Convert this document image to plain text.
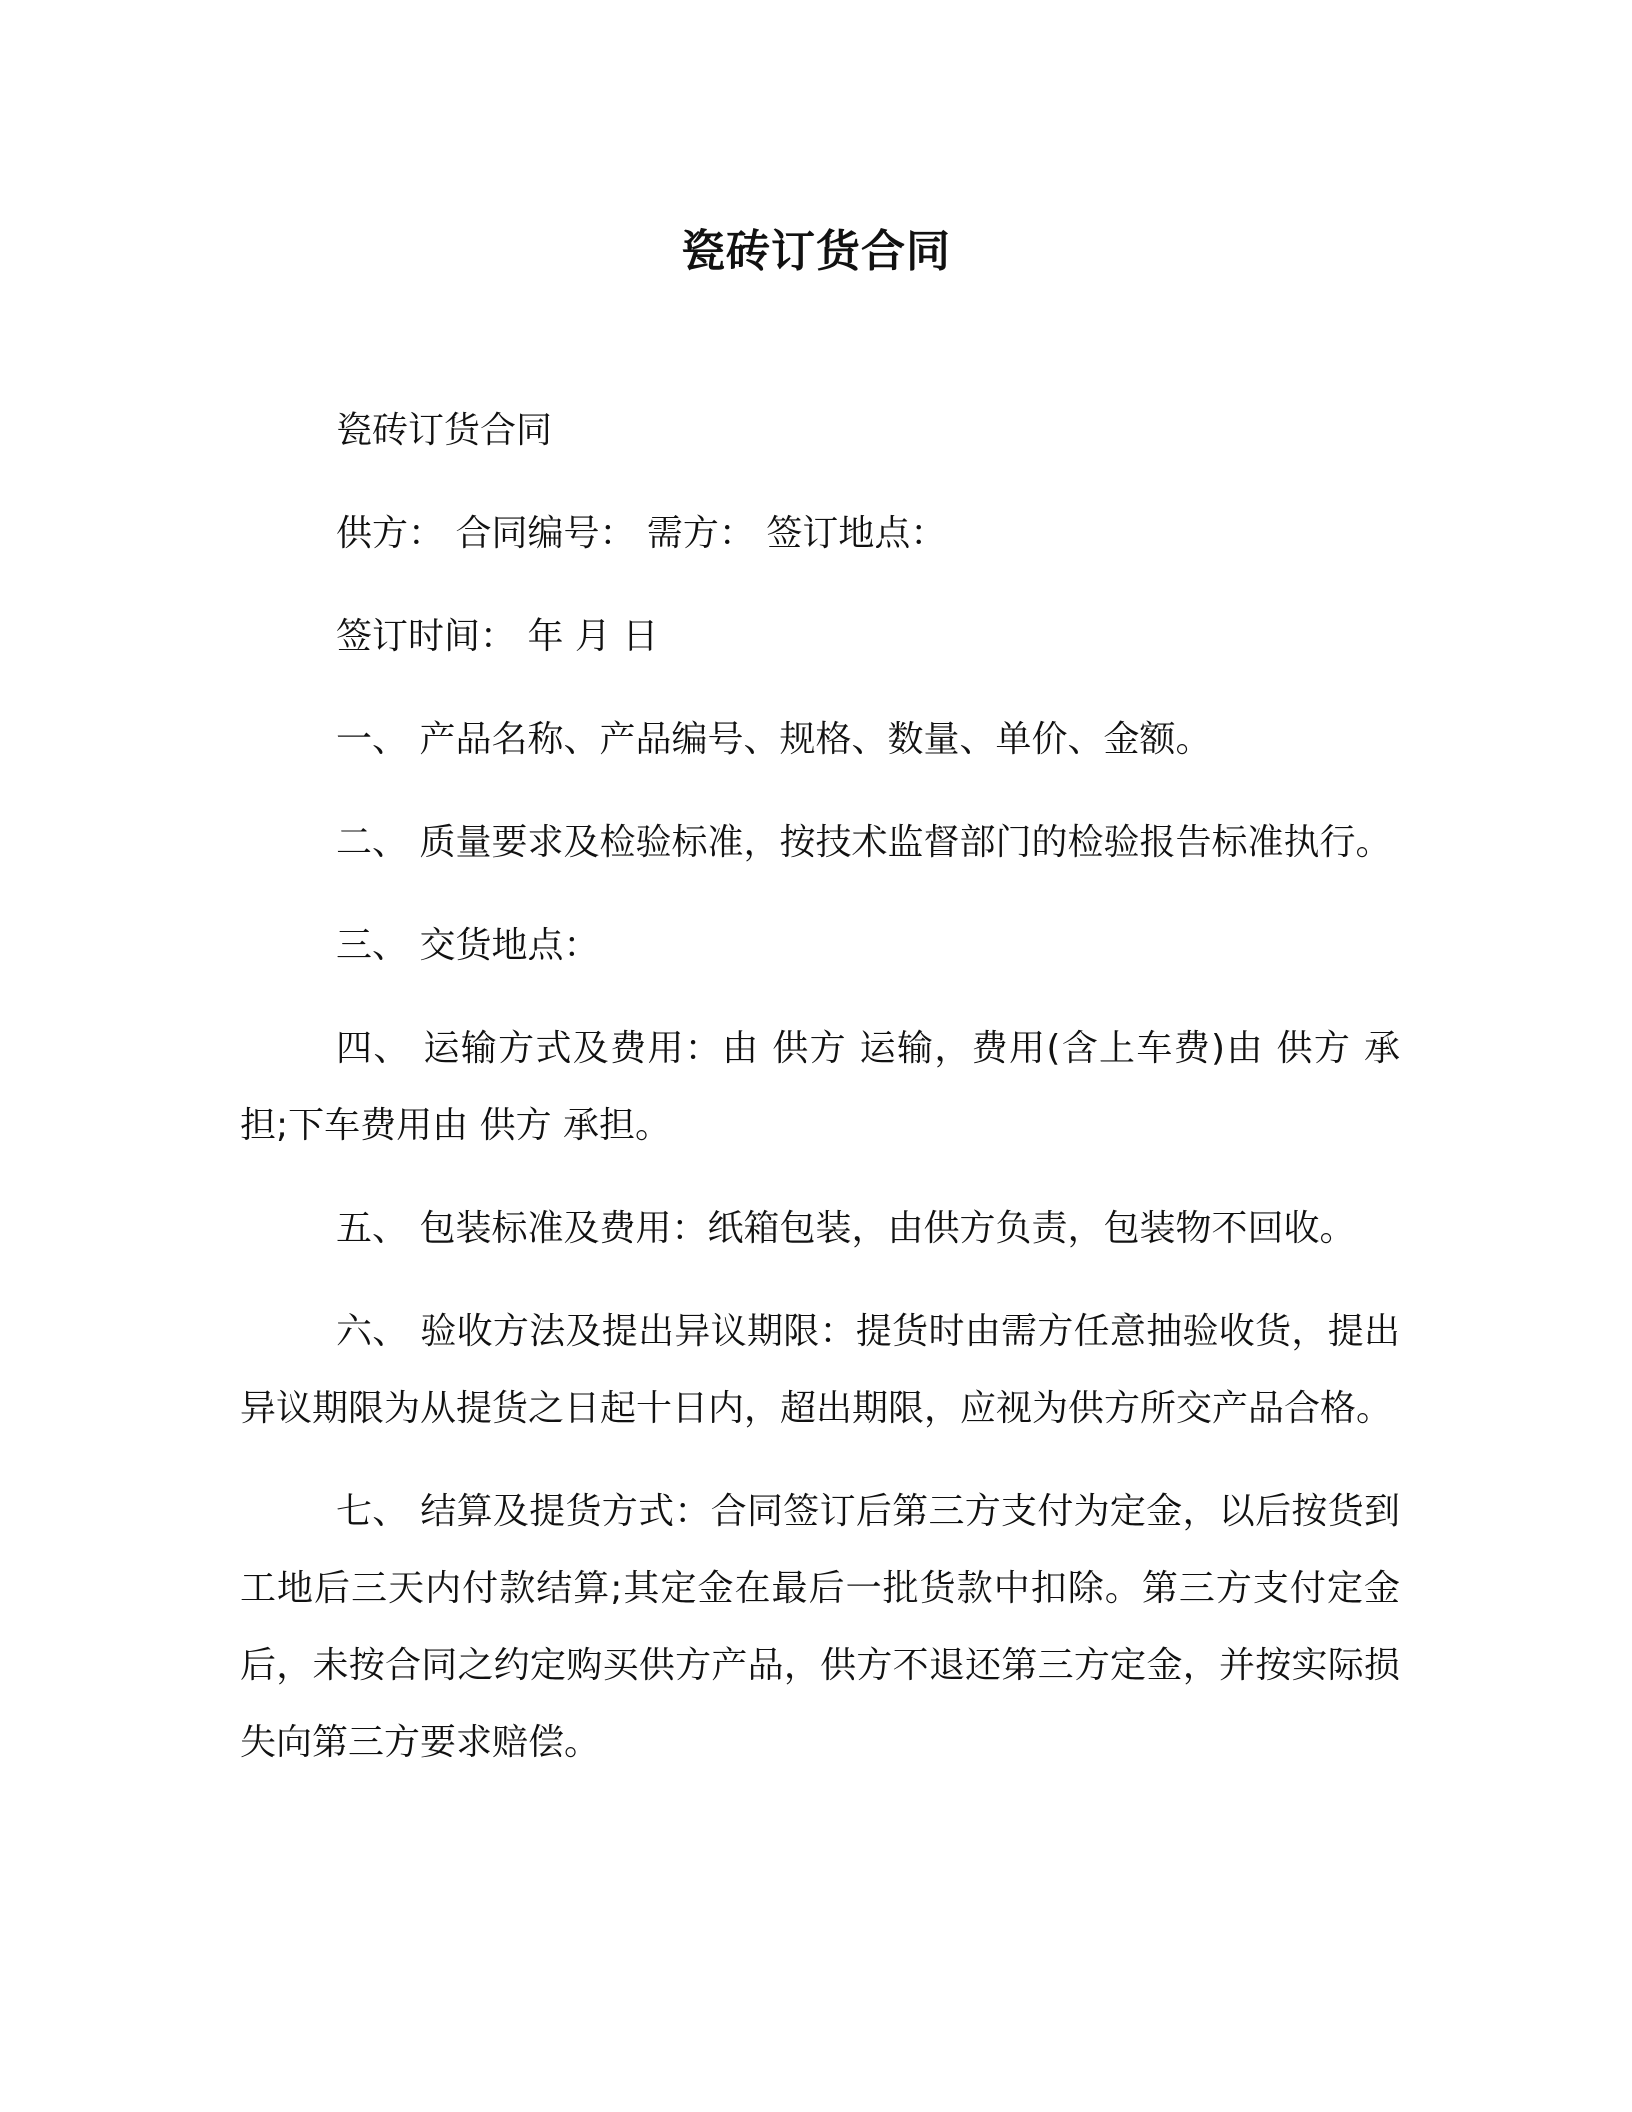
瓷砖订货合同

瓷砖订货合同

供方： 合同编号： 需方： 签订地点：

签订时间： 年 月 日

一、 产品名称、产品编号、规格、数量、单价、金额。

二、 质量要求及检验标准，按技术监督部门的检验报告标准执行。

三、 交货地点：

四、 运输方式及费用：由 供方 运输，费用(含上车费)由 供方 承担;下车费用由 供方 承担。

五、 包装标准及费用：纸箱包装，由供方负责，包装物不回收。

六、 验收方法及提出异议期限：提货时由需方任意抽验收货，提出异议期限为从提货之日起十日内，超出期限，应视为供方所交产品合格。

七、 结算及提货方式：合同签订后第三方支付为定金，以后按货到工地后三天内付款结算;其定金在最后一批货款中扣除。第三方支付定金后，未按合同之约定购买供方产品，供方不退还第三方定金，并按实际损失向第三方要求赔偿。
